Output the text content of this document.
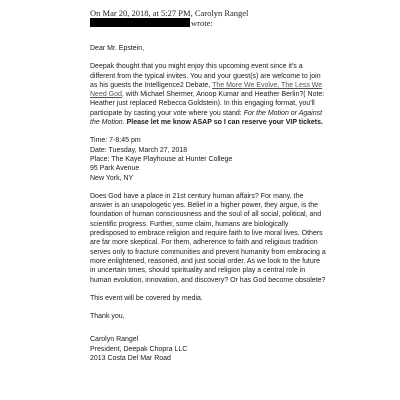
On Mar 20, 2018, at 5:27 PM, Carolyn Rangel
wrote:

Dear Mr. Epstein,

Deepak thought that you might enjoy this upcoming event since it's a different from the typical invites. You and your guest(s) are welcome to join as his guests the Intelligence2 Debate, The More We Evolve, The Less We Need God, with Michael Shermer, Anoop Kumar and Heather Berlin?( Note: Heather just replaced Rebecca Goldstein). In this engaging format, you'll participate by casting your vote where you stand: For the Motion or Against the Motion. Please let me know ASAP so I can reserve your VIP tickets.

Time: 7-8:45 pm
Date: Tuesday, March 27, 2018
Place: The Kaye Playhouse at Hunter College
95 Park Avenue
New York, NY

Does God have a place in 21st century human affairs? For many, the answer is an unapologetic yes. Belief in a higher power, they argue, is the foundation of human consciousness and the soul of all social, political, and scientific progress. Further, some claim, humans are biologically predisposed to embrace religion and require faith to live moral lives. Others are far more skeptical. For them, adherence to faith and religious tradition serves only to fracture communities and prevent humanity from embracing a more enlightened, reasoned, and just social order. As we look to the future in uncertain times, should spirituality and religion play a central role in human evolution, innovation, and discovery? Or has God become obsolete?

This event will be covered by media.

Thank you,

Carolyn Rangel
President, Deepak Chopra LLC
2013 Costa Del Mar Road
